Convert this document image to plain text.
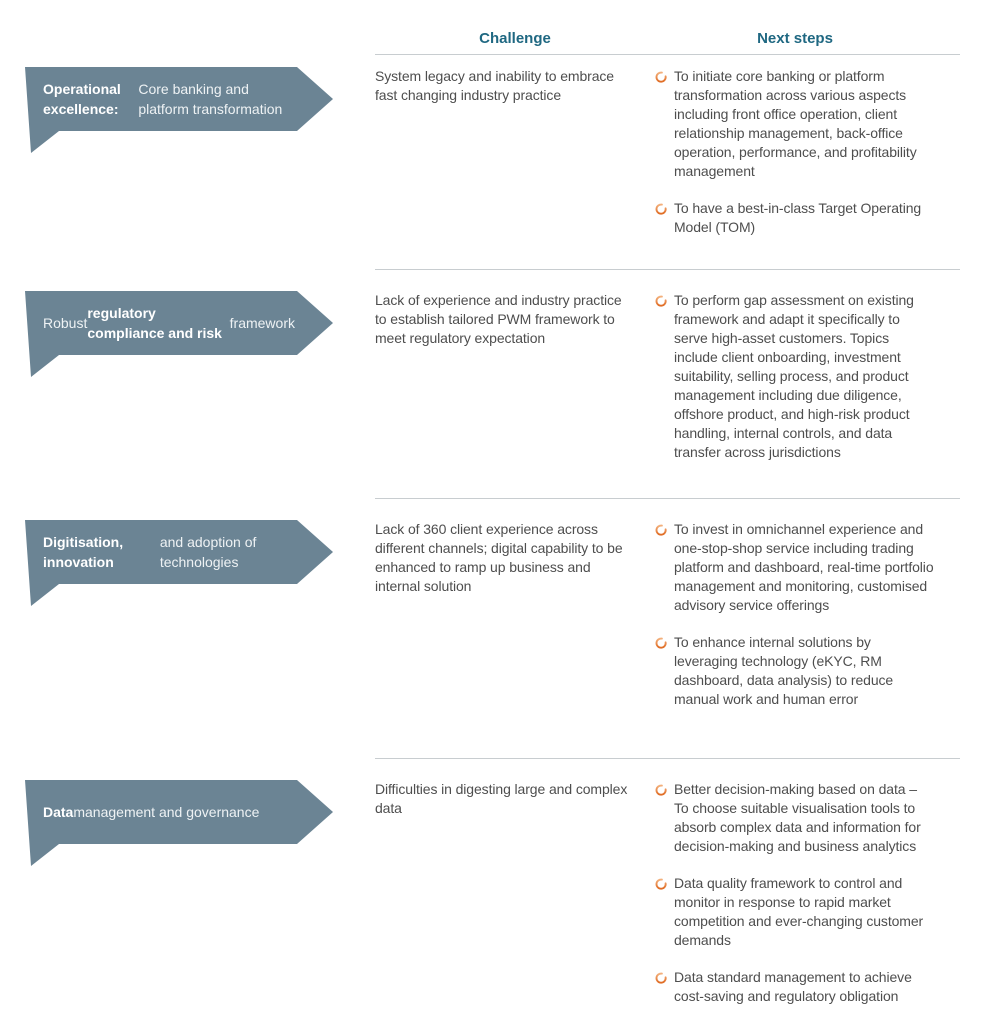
Challenge	Next steps
Operational excellence:
Core banking and platform transformation

System legacy and inability to embrace fast changing industry practice

To initiate core banking or platform transformation across various aspects including front office operation, client relationship management, back-office operation, performance, and profitability management

To have a best-in-class Target Operating Model (TOM)

Robust
regulatory compliance and risk
framework

Lack of experience and industry practice to establish tailored PWM framework to meet regulatory expectation

To perform gap assessment on existing framework and adapt it specifically to serve high-asset customers. Topics include client onboarding, investment suitability, selling process, and product management including due diligence, offshore product, and high-risk product handling, internal controls, and data transfer across jurisdictions

Digitisation, innovation
and adoption of technologies

Lack of 360 client experience across different channels; digital capability to be enhanced to ramp up business and internal solution

To invest in omnichannel experience and one-stop-shop service including trading platform and dashboard, real-time portfolio management and monitoring, customised advisory service offerings

To enhance internal solutions by leveraging technology (eKYC, RM dashboard, data analysis) to reduce manual work and human error

Data management and governance

Difficulties in digesting large and complex data

Better decision-making based on data – To choose suitable visualisation tools to absorb complex data and information for decision-making and business analytics

Data quality framework to control and monitor in response to rapid market competition and ever-changing customer demands

Data standard management to achieve cost-saving and regulatory obligation
